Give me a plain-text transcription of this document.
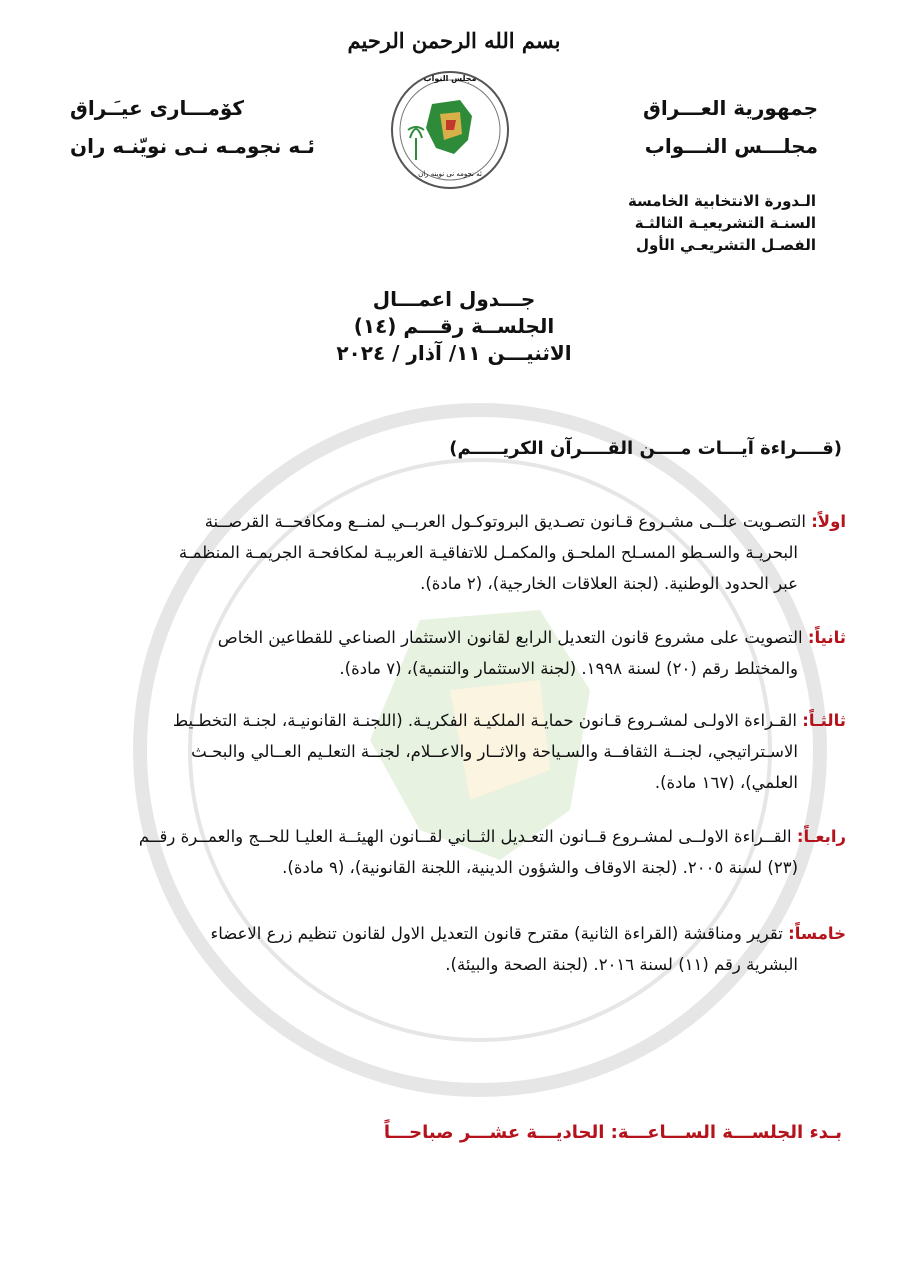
بسم الله الرحمن الرحيم
جمهورية العـــراق
مجلـــس النـــواب
كۆمـــارى عيـَـراق
ئـه نجومـه نـى نويّنـه ران
مجلس النواب
ئه نجومه نى نوينه ران
الـدورة الانتخابية الخامسة
السنـة التشريعيـة الثالثـة
الفصـل التشريعـي الأول
جـــدول اعمـــال
الجلســة رقـــم (١٤)
الاثنيـــن ١١/ آذار / ٢٠٢٤
(قــــراءة آيـــات مــــن القــــرآن الكريـــــم)
اولاً: التصـويت علــى مشـروع قـانون تصـديق البروتوكـول العربــي لمنــع ومكافحــة القرصــنة
البحريـة والسـطو المسـلح الملحـق والمكمـل للاتفاقيـة العربيـة لمكافحـة الجريمـة المنظمـة
عبر الحدود الوطنية. (لجنة العلاقات الخارجية)، (٢ مادة).
ثانياً: التصويت على مشروع قانون التعديل الرابع لقانون الاستثمار الصناعي للقطاعين الخاص
والمختلط رقم (٢٠) لسنة ١٩٩٨. (لجنة الاستثمار والتنمية)، (٧ مادة).
ثالثـاً: القـراءة الاولـى لمشـروع قـانون حمايـة الملكيـة الفكريـة. (اللجنـة القانونيـة، لجنـة التخطـيط
الاسـتراتيجي، لجنــة الثقافــة والسـياحة والاثــار والاعــلام، لجنــة التعلـيم العــالي والبحـث
العلمي)، (١٦٧ مادة).
رابعـاً: القــراءة الاولــى لمشـروع قــانون التعـديل الثــاني لقــانون الهيئــة العليـا للحــج والعمــرة رقــم
(٢٣) لسنة ٢٠٠٥. (لجنة الاوقاف والشؤون الدينية، اللجنة القانونية)، (٩ مادة).
خامساً: تقرير ومناقشة (القراءة الثانية) مقترح قانون التعديل الاول لقانون تنظيم زرع الاعضاء
البشرية رقم (١١) لسنة ٢٠١٦. (لجنة الصحة والبيئة).
بـدء الجلســـة الســـاعـــة: الحاديـــة عشـــر صباحـــاً
